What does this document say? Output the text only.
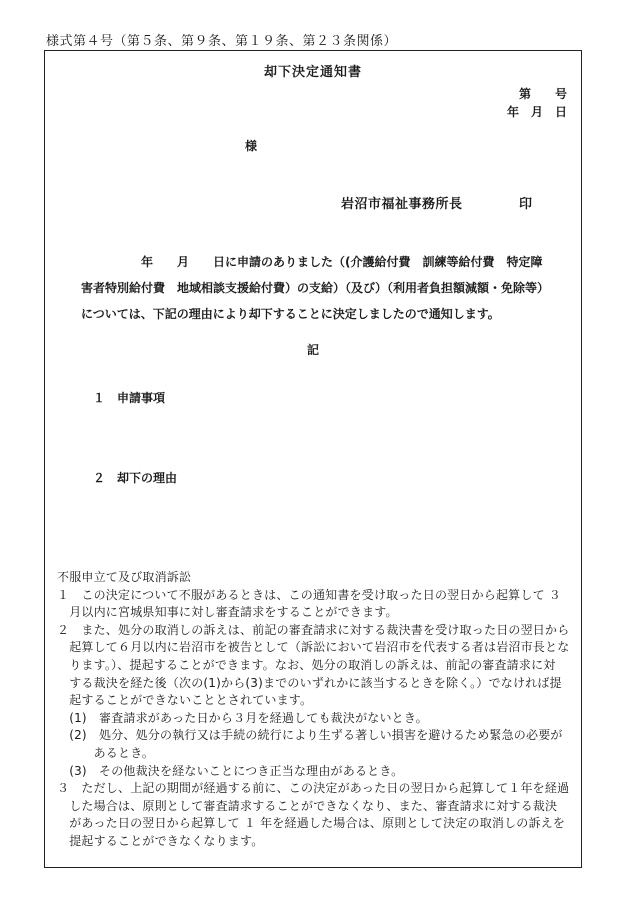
様式第４号（第５条、第９条、第１９条、第２３条関係）
却下決定通知書
第　　号
年　月　日
様
岩沼市福祉事務所長	印
　　　　　年　　月　　日に申請のありました（(介護給付費　訓練等給付費　特定障
害者特別給付費　地域相談支援給付費）の支給）（及び）（利用者負担額減額・免除等）
については、下記の理由により却下することに決定しましたので通知します。
記
１　申請事項
２　却下の理由
不服申立て及び取消訴訟
１　この決定について不服があるときは、この通知書を受け取った日の翌日から起算して ３
　月以内に宮城県知事に対し審査請求をすることができます。
２　また、処分の取消しの訴えは、前記の審査請求に対する裁決書を受け取った日の翌日から
　起算して６月以内に岩沼市を被告として（訴訟において岩沼市を代表する者は岩沼市長とな
　ります。）、提起することができます。なお、処分の取消しの訴えは、前記の審査請求に対
　する裁決を経た後（次の(1)から(3)までのいずれかに該当するときを除く。）でなければ提
　起することができないこととされています。
　(1)　審査請求があった日から３月を経過しても裁決がないとき。
　(2)　処分、処分の執行又は手続の続行により生ずる著しい損害を避けるため緊急の必要が
　　　あるとき。
　(3)　その他裁決を経ないことにつき正当な理由があるとき。
３　ただし、上記の期間が経過する前に、この決定があった日の翌日から起算して１年を経過
　した場合は、原則として審査請求することができなくなり、また、審査請求に対する裁決
　があった日の翌日から起算して １ 年を経過した場合は、原則として決定の取消しの訴えを
　提起することができなくなります。
